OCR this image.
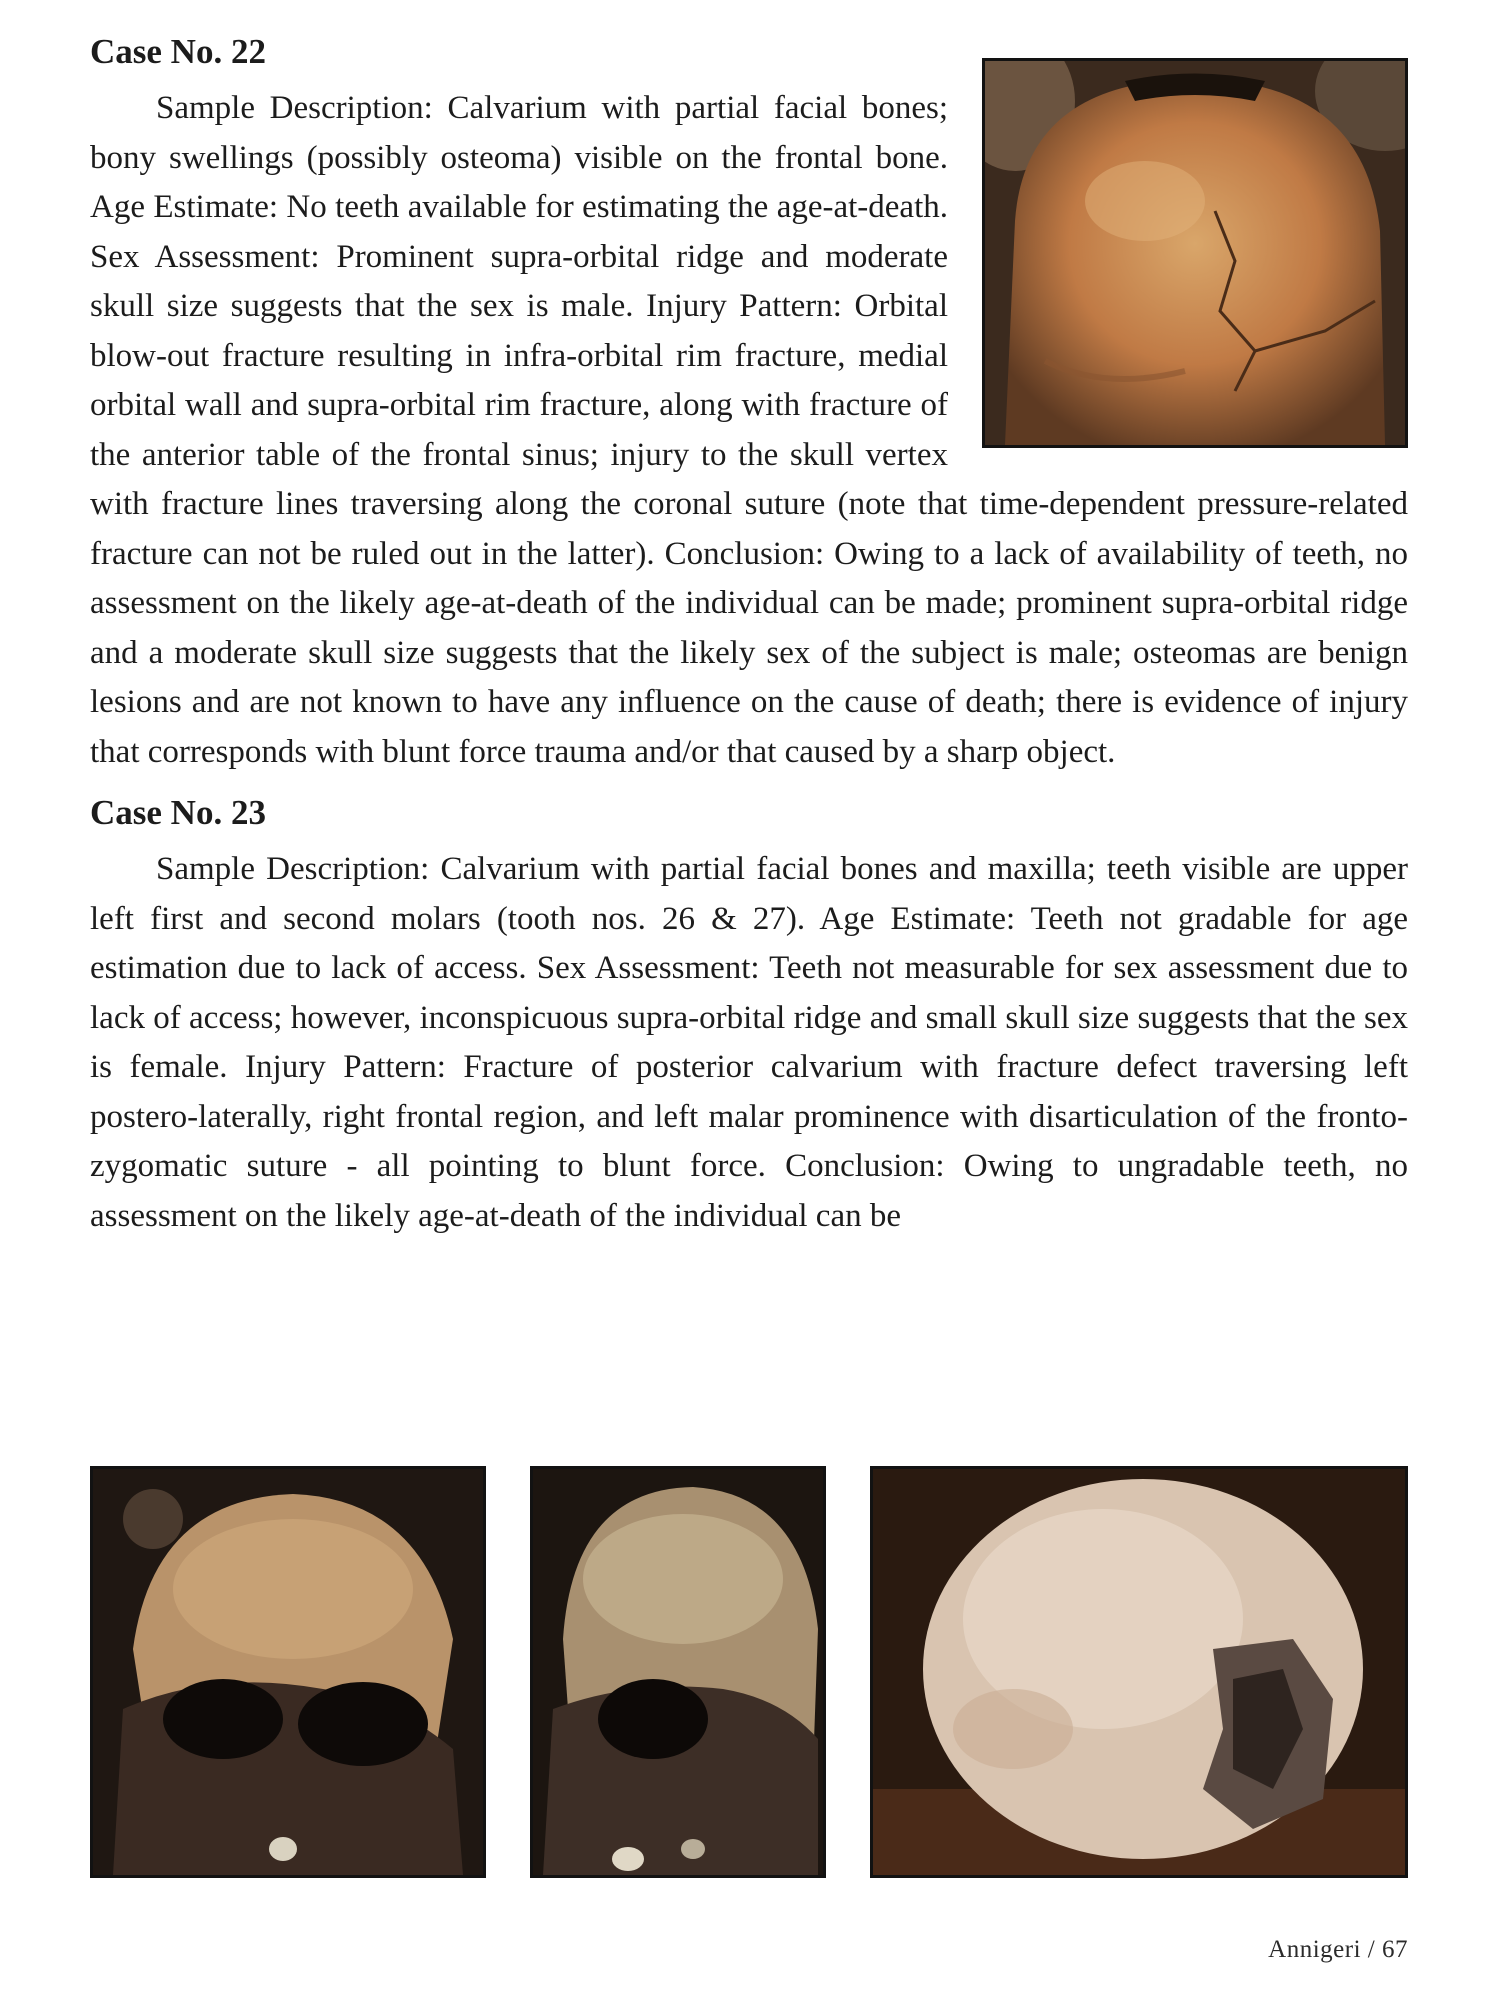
Case No. 22

Sample Description: Calvarium with partial facial bones; bony swellings (possibly osteoma) visible on the frontal bone. Age Estimate: No teeth available for estimating the age-at-death. Sex Assessment: Prominent supra-orbital ridge and moderate skull size suggests that the sex is male. Injury Pattern: Orbital blow-out fracture resulting in infra-orbital rim fracture, medial orbital wall and supra-orbital rim fracture, along with fracture of the anterior table of the frontal sinus; injury to the skull vertex with fracture lines traversing along the coronal suture (note that time-dependent pressure-related fracture can not be ruled out in the latter). Conclusion: Owing to a lack of availability of teeth, no assessment on the likely age-at-death of the individual can be made; prominent supra-orbital ridge and a moderate skull size suggests that the likely sex of the subject is male; osteomas are benign lesions and are not known to have any influence on the cause of death; there is evidence of injury that corresponds with blunt force trauma and/or that caused by a sharp object.

Case No. 23

Sample Description: Calvarium with partial facial bones and maxilla; teeth visible are upper left first and second molars (tooth nos. 26 & 27). Age Estimate: Teeth not gradable for age estimation due to lack of access. Sex Assessment: Teeth not measurable for sex assessment due to lack of access; however, inconspicuous supra-orbital ridge and small skull size suggests that the sex is female. Injury Pattern: Fracture of posterior calvarium with fracture defect traversing left postero-laterally, right frontal region, and left malar prominence with disarticulation of the fronto-zygomatic suture - all pointing to blunt force. Conclusion: Owing to ungradable teeth, no assessment on the likely age-at-death of the individual can be

Annigeri / 67
